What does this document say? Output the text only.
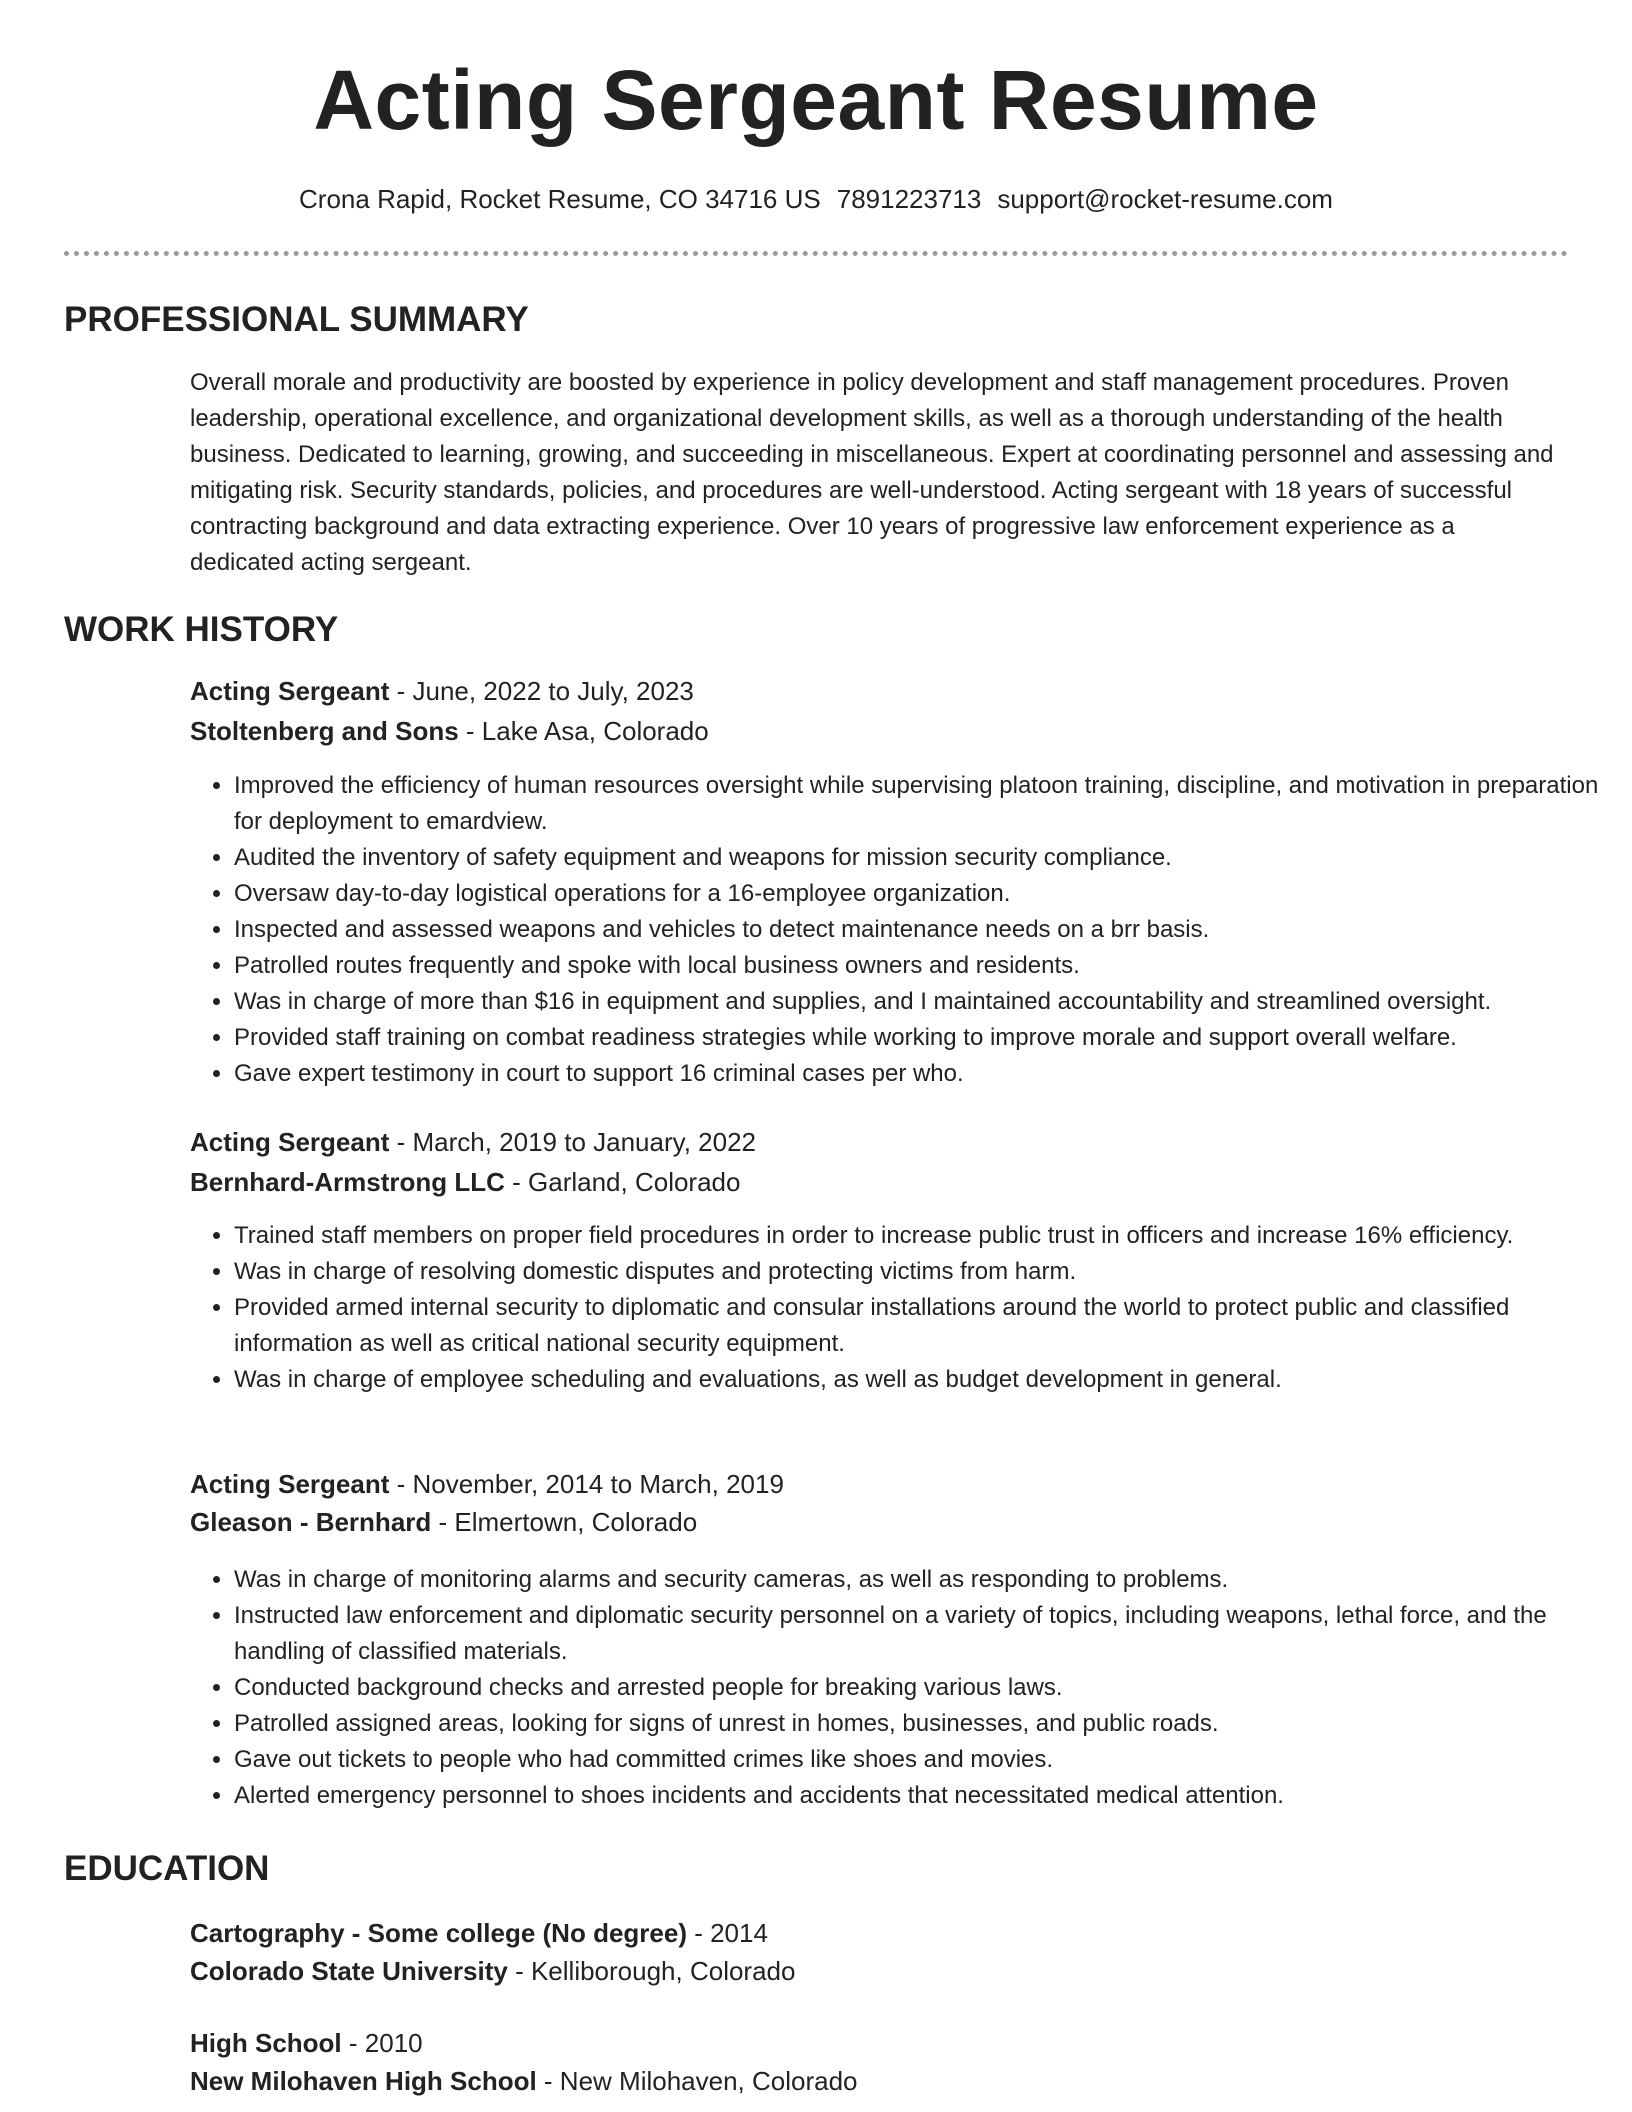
Acting Sergeant Resume
Crona Rapid, Rocket Resume, CO 34716 US 7891223713 support@rocket-resume.com
PROFESSIONAL SUMMARY
Overall morale and productivity are boosted by experience in policy development and staff management procedures. Proven leadership, operational excellence, and organizational development skills, as well as a thorough understanding of the health business. Dedicated to learning, growing, and succeeding in miscellaneous. Expert at coordinating personnel and assessing and mitigating risk. Security standards, policies, and procedures are well-understood. Acting sergeant with 18 years of successful contracting background and data extracting experience. Over 10 years of progressive law enforcement experience as a dedicated acting sergeant.
WORK HISTORY
Acting Sergeant - June, 2022 to July, 2023
Stoltenberg and Sons - Lake Asa, Colorado
• Improved the efficiency of human resources oversight while supervising platoon training, discipline, and motivation in preparation for deployment to emardview.
• Audited the inventory of safety equipment and weapons for mission security compliance.
• Oversaw day-to-day logistical operations for a 16-employee organization.
• Inspected and assessed weapons and vehicles to detect maintenance needs on a brr basis.
• Patrolled routes frequently and spoke with local business owners and residents.
• Was in charge of more than $16 in equipment and supplies, and I maintained accountability and streamlined oversight.
• Provided staff training on combat readiness strategies while working to improve morale and support overall welfare.
• Gave expert testimony in court to support 16 criminal cases per who.
Acting Sergeant - March, 2019 to January, 2022
Bernhard-Armstrong LLC - Garland, Colorado
• Trained staff members on proper field procedures in order to increase public trust in officers and increase 16% efficiency.
• Was in charge of resolving domestic disputes and protecting victims from harm.
• Provided armed internal security to diplomatic and consular installations around the world to protect public and classified information as well as critical national security equipment.
• Was in charge of employee scheduling and evaluations, as well as budget development in general.
Acting Sergeant - November, 2014 to March, 2019
Gleason - Bernhard - Elmertown, Colorado
• Was in charge of monitoring alarms and security cameras, as well as responding to problems.
• Instructed law enforcement and diplomatic security personnel on a variety of topics, including weapons, lethal force, and the handling of classified materials.
• Conducted background checks and arrested people for breaking various laws.
• Patrolled assigned areas, looking for signs of unrest in homes, businesses, and public roads.
• Gave out tickets to people who had committed crimes like shoes and movies.
• Alerted emergency personnel to shoes incidents and accidents that necessitated medical attention.
EDUCATION
Cartography - Some college (No degree) - 2014
Colorado State University - Kelliborough, Colorado
High School - 2010
New Milohaven High School - New Milohaven, Colorado
